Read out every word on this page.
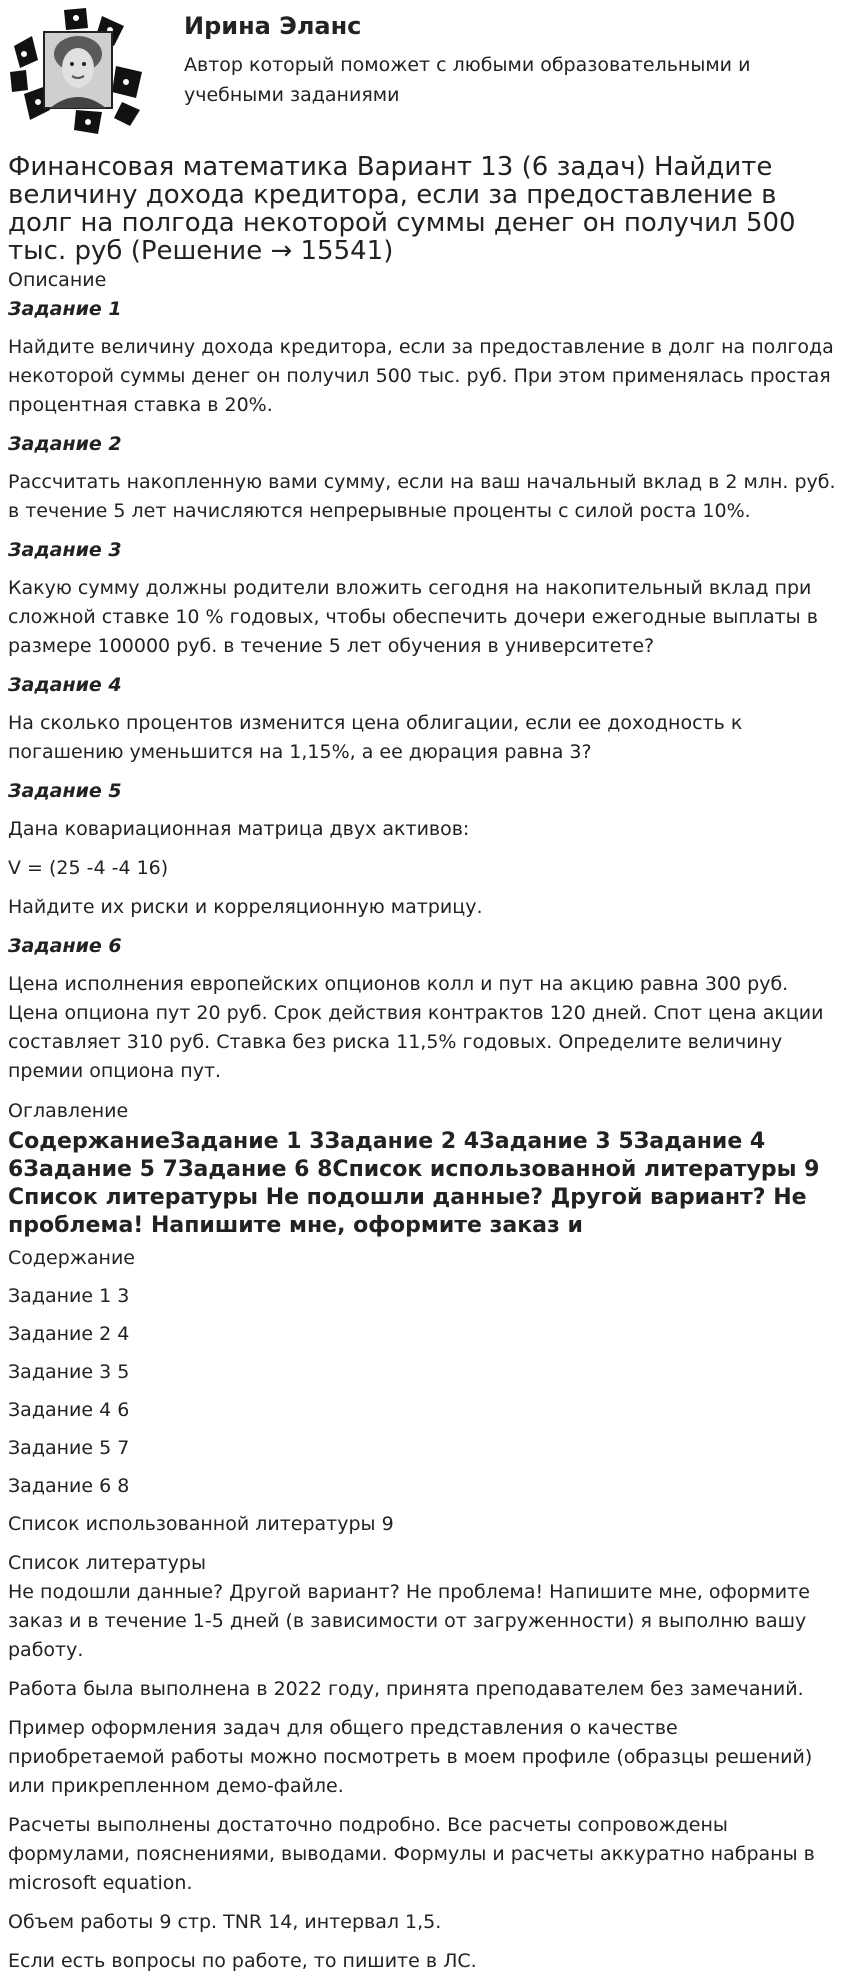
Ирина Эланс
Автор который поможет с любыми образовательными и учебными заданиями
Финансовая математика Вариант 13 (6 задач) Найдите величину дохода кредитора, если за предоставление в долг на полгода некоторой суммы денег он получил 500 тыс. руб (Решение → 15541)
Описание
Задание 1

Найдите величину дохода кредитора, если за предоставление в долг на полгода некоторой суммы денег он получил 500 тыс. руб. При этом применялась простая процентная ставка в 20%.

Задание 2

Рассчитать накопленную вами сумму, если на ваш начальный вклад в 2 млн. руб. в течение 5 лет начисляются непрерывные проценты с силой роста 10%.

Задание 3

Какую сумму должны родители вложить сегодня на накопительный вклад при сложной ставке 10 % годовых, чтобы обеспечить дочери ежегодные выплаты в размере 100000 руб. в течение 5 лет обучения в университете?

Задание 4

На сколько процентов изменится цена облигации, если ее доходность к погашению уменьшится на 1,15%, а ее дюрация равна 3?

Задание 5

Дана ковариационная матрица двух активов:

V = (25 -4 -4 16)

Найдите их риски и корреляционную матрицу.

Задание 6

Цена исполнения европейских опционов колл и пут на акцию равна 300 руб. Цена опциона пут 20 руб. Срок действия контрактов 120 дней. Спот цена акции составляет 310 руб. Ставка без риска 11,5% годовых. Определите величину премии опциона пут.

Оглавление
СодержаниеЗадание 1 3Задание 2 4Задание 3 5Задание 4 6Задание 5 7Задание 6 8Список использованной литературы 9 Список литературы Не подошли данные? Другой вариант? Не проблема! Напишите мне, оформите заказ и

Содержание

Задание 1 3

Задание 2 4

Задание 3 5

Задание 4 6

Задание 5 7

Задание 6 8

Список использованной литературы 9

Список литературы

Не подошли данные? Другой вариант? Не проблема! Напишите мне, оформите заказ и в течение 1-5 дней (в зависимости от загруженности) я выполню вашу работу.

Работа была выполнена в 2022 году, принята преподавателем без замечаний.

Пример оформления задач для общего представления о качестве приобретаемой работы можно посмотреть в моем профиле (образцы решений) или прикрепленном демо-файле.

Расчеты выполнены достаточно подробно. Все расчеты сопровождены формулами, пояснениями, выводами. Формулы и расчеты аккуратно набраны в microsoft equation.

Объем работы 9 стр. TNR 14, интервал 1,5.

Если есть вопросы по работе, то пишите в ЛС.
